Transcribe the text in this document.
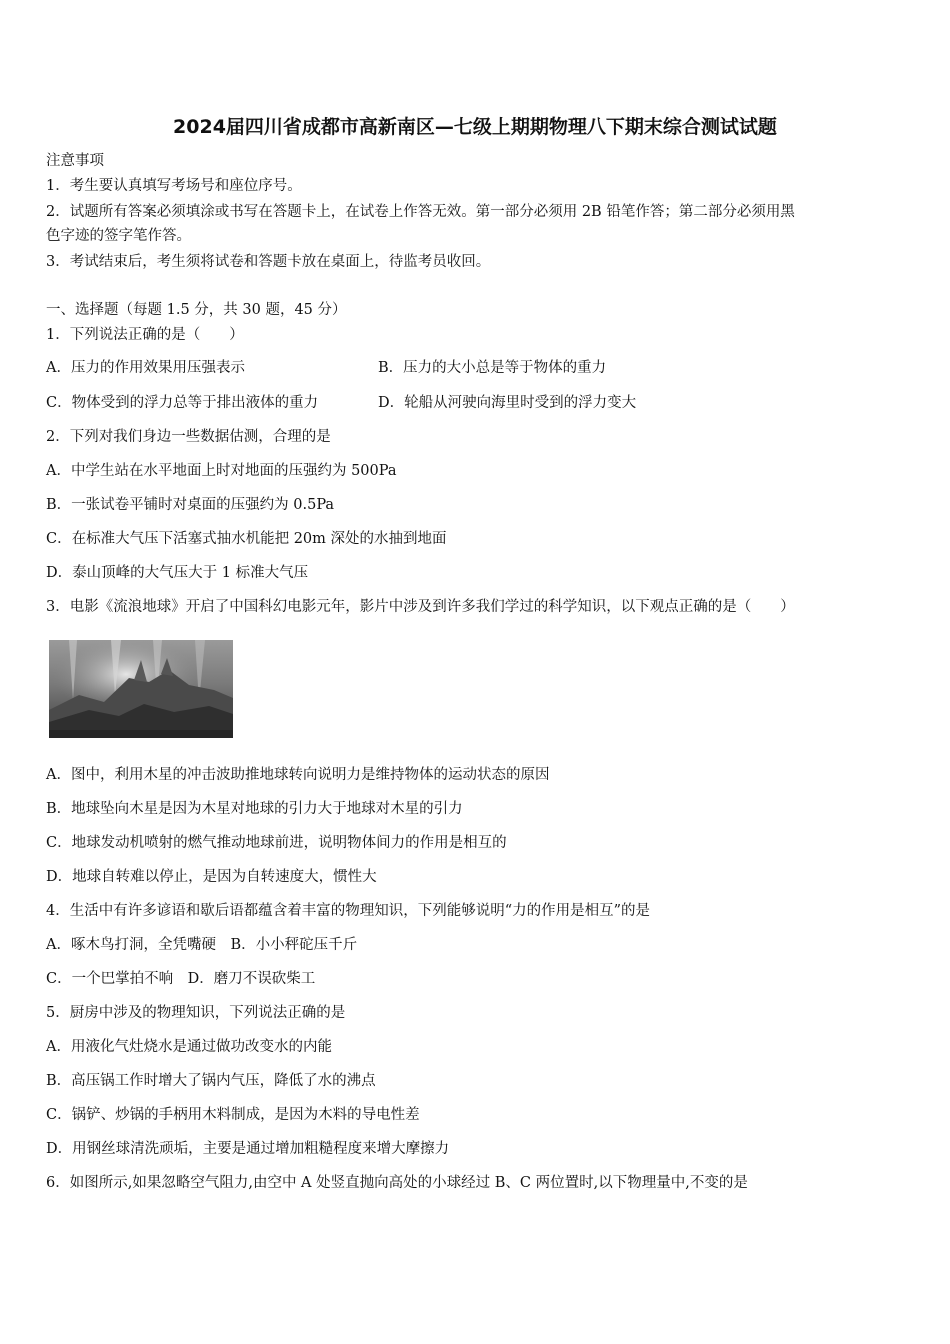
2024届四川省成都市高新南区—七级上期期物理八下期末综合测试试题
注意事项
1．考生要认真填写考场号和座位序号。
2．试题所有答案必须填涂或书写在答题卡上，在试卷上作答无效。第一部分必须用 2B 铅笔作答；第二部分必须用黑
色字迹的签字笔作答。
3．考试结束后，考生须将试卷和答题卡放在桌面上，待监考员收回。
一、选择题（每题 1.5 分，共 30 题，45 分）
1．下列说法正确的是（　　）
A．压力的作用效果用压强表示	B．压力的大小总是等于物体的重力
C．物体受到的浮力总等于排出液体的重力	D．轮船从河驶向海里时受到的浮力变大
2．下列对我们身边一些数据估测，合理的是
A．中学生站在水平地面上时对地面的压强约为 500Pa
B．一张试卷平铺时对桌面的压强约为 0.5Pa
C．在标准大气压下活塞式抽水机能把 20m 深处的水抽到地面
D．泰山顶峰的大气压大于 1 标准大气压
3．电影《流浪地球》开启了中国科幻电影元年，影片中涉及到许多我们学过的科学知识，以下观点正确的是（　　）
A．图中，利用木星的冲击波助推地球转向说明力是维持物体的运动状态的原因
B．地球坠向木星是因为木星对地球的引力大于地球对木星的引力
C．地球发动机喷射的燃气推动地球前进，说明物体间力的作用是相互的
D．地球自转难以停止，是因为自转速度大，惯性大
4．生活中有许多谚语和歇后语都蕴含着丰富的物理知识，下列能够说明“力的作用是相互”的是
A．啄木鸟打洞，全凭嘴硬　B．小小秤砣压千斤
C．一个巴掌拍不响　D．磨刀不误砍柴工
5．厨房中涉及的物理知识，下列说法正确的是
A．用液化气灶烧水是通过做功改变水的内能
B．高压锅工作时增大了锅内气压，降低了水的沸点
C．锅铲、炒锅的手柄用木料制成，是因为木料的导电性差
D．用钢丝球清洗顽垢，主要是通过增加粗糙程度来增大摩擦力
6．如图所示,如果忽略空气阻力,由空中 A 处竖直抛向高处的小球经过 B、C 两位置时,以下物理量中,不变的是
